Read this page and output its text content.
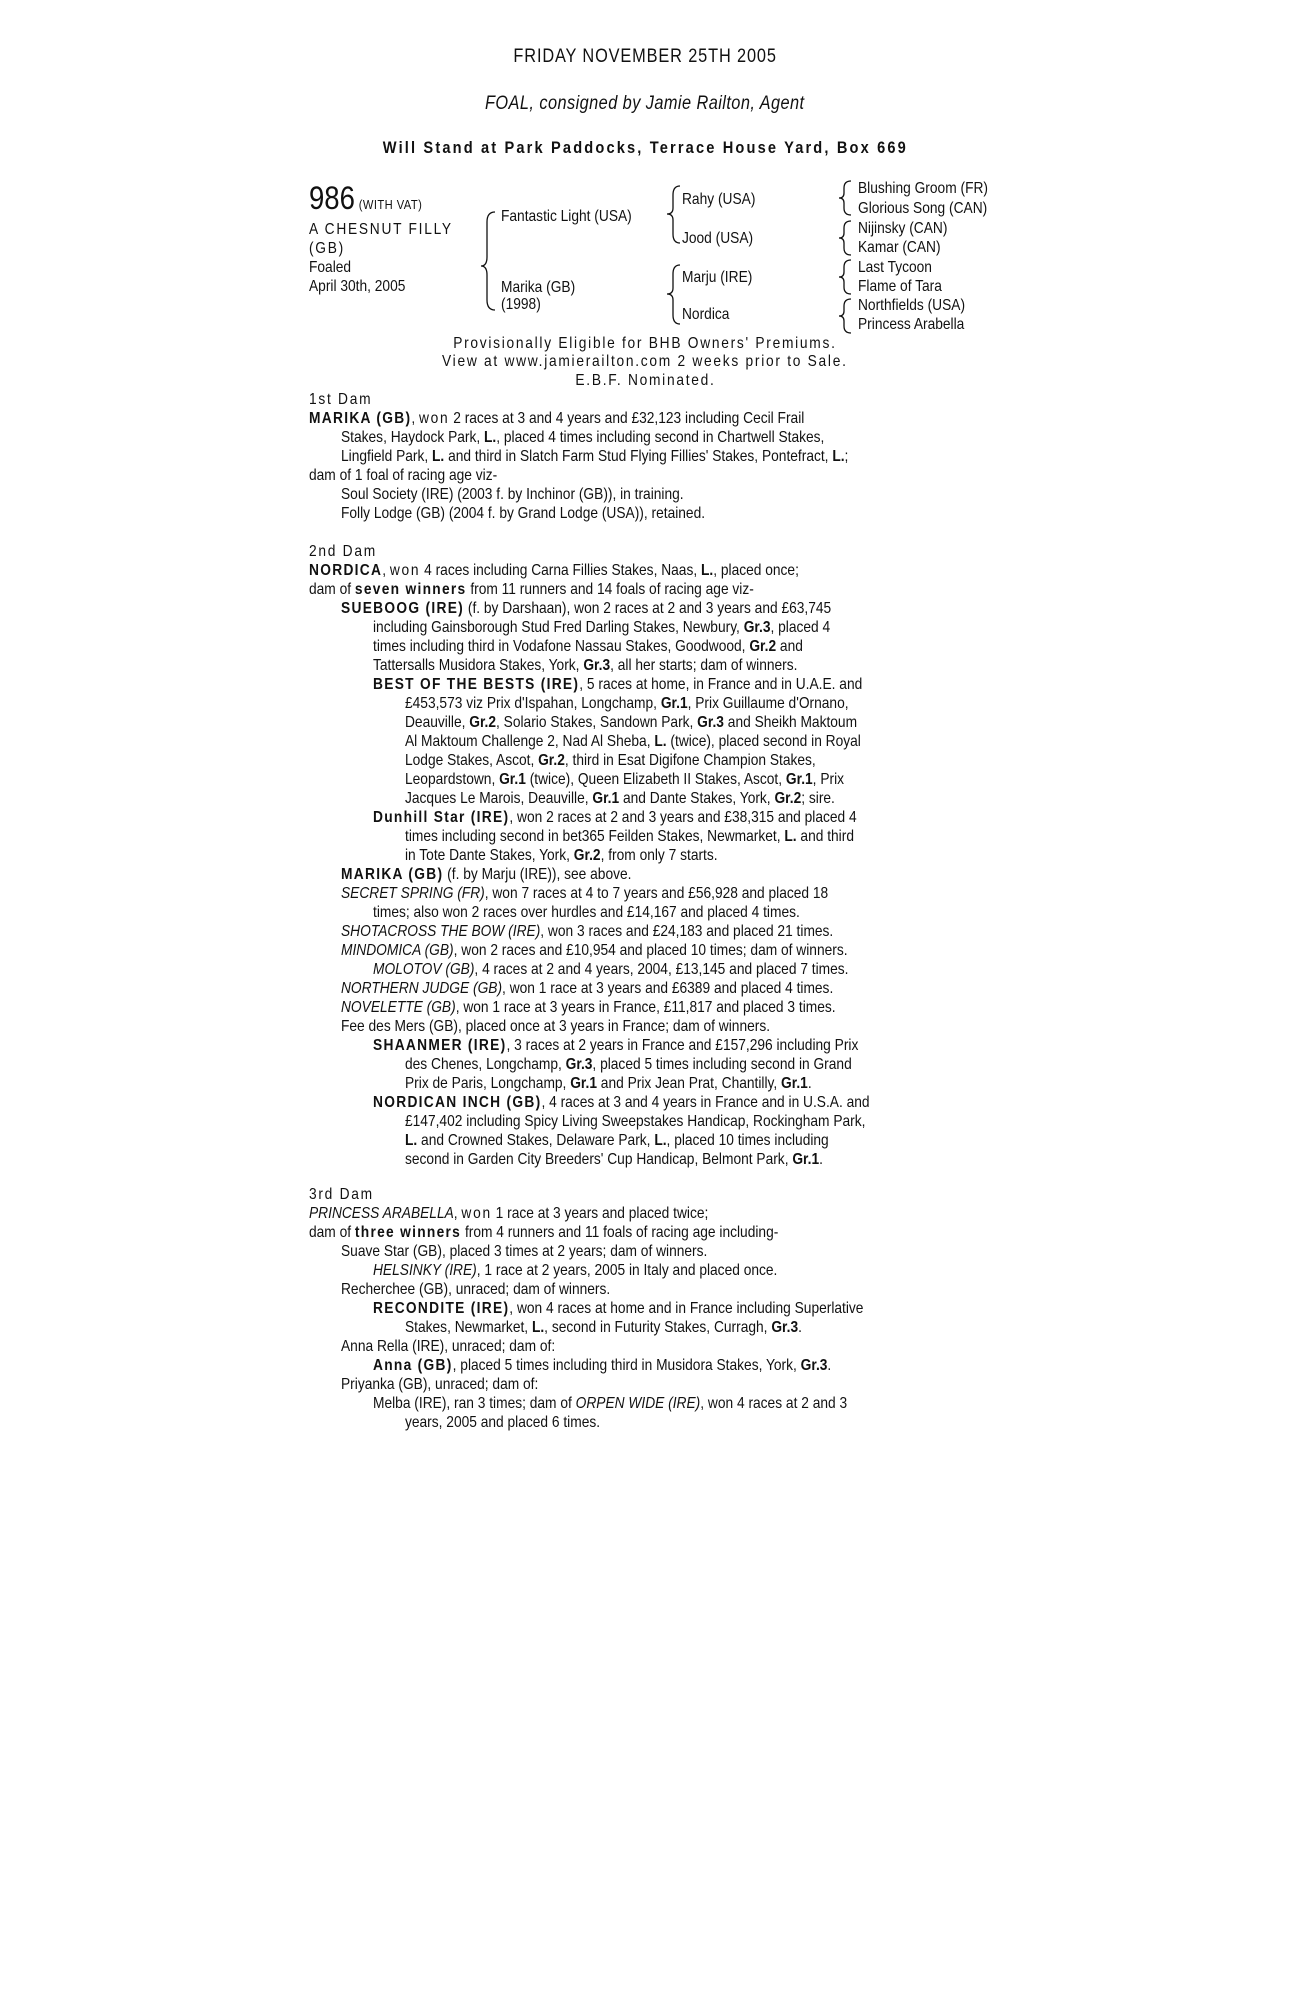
FRIDAY NOVEMBER 25TH 2005
FOAL, consigned by Jamie Railton, Agent
Will Stand at Park Paddocks, Terrace House Yard, Box 669
986 (WITH VAT)
A CHESNUT FILLY
(GB)
Foaled
April 30th, 2005
Fantastic Light (USA)
Marika (GB)
(1998)
Rahy (USA)
Jood (USA)
Marju (IRE)
Nordica
Blushing Groom (FR)
Glorious Song (CAN)
Nijinsky (CAN)
Kamar (CAN)
Last Tycoon
Flame of Tara
Northfields (USA)
Princess Arabella
Provisionally Eligible for BHB Owners' Premiums.
View at www.jamierailton.com 2 weeks prior to Sale.
E.B.F. Nominated.
1st Dam
MARIKA (GB), won 2 races at 3 and 4 years and £32,123 including Cecil Frail
Stakes, Haydock Park, L., placed 4 times including second in Chartwell Stakes,
Lingfield Park, L. and third in Slatch Farm Stud Flying Fillies' Stakes, Pontefract, L.;
dam of 1 foal of racing age viz-
Soul Society (IRE) (2003 f. by Inchinor (GB)), in training.
Folly Lodge (GB) (2004 f. by Grand Lodge (USA)), retained.
2nd Dam
NORDICA, won 4 races including Carna Fillies Stakes, Naas, L., placed once;
dam of seven winners from 11 runners and 14 foals of racing age viz-
SUEBOOG (IRE) (f. by Darshaan), won 2 races at 2 and 3 years and £63,745
including Gainsborough Stud Fred Darling Stakes, Newbury, Gr.3, placed 4
times including third in Vodafone Nassau Stakes, Goodwood, Gr.2 and
Tattersalls Musidora Stakes, York, Gr.3, all her starts; dam of winners.
BEST OF THE BESTS (IRE), 5 races at home, in France and in U.A.E. and
£453,573 viz Prix d'Ispahan, Longchamp, Gr.1, Prix Guillaume d'Ornano,
Deauville, Gr.2, Solario Stakes, Sandown Park, Gr.3 and Sheikh Maktoum
Al Maktoum Challenge 2, Nad Al Sheba, L. (twice), placed second in Royal
Lodge Stakes, Ascot, Gr.2, third in Esat Digifone Champion Stakes,
Leopardstown, Gr.1 (twice), Queen Elizabeth II Stakes, Ascot, Gr.1, Prix
Jacques Le Marois, Deauville, Gr.1 and Dante Stakes, York, Gr.2; sire.
Dunhill Star (IRE), won 2 races at 2 and 3 years and £38,315 and placed 4
times including second in bet365 Feilden Stakes, Newmarket, L. and third
in Tote Dante Stakes, York, Gr.2, from only 7 starts.
MARIKA (GB) (f. by Marju (IRE)), see above.
SECRET SPRING (FR), won 7 races at 4 to 7 years and £56,928 and placed 18
times; also won 2 races over hurdles and £14,167 and placed 4 times.
SHOTACROSS THE BOW (IRE), won 3 races and £24,183 and placed 21 times.
MINDOMICA (GB), won 2 races and £10,954 and placed 10 times; dam of winners.
MOLOTOV (GB), 4 races at 2 and 4 years, 2004, £13,145 and placed 7 times.
NORTHERN JUDGE (GB), won 1 race at 3 years and £6389 and placed 4 times.
NOVELETTE (GB), won 1 race at 3 years in France, £11,817 and placed 3 times.
Fee des Mers (GB), placed once at 3 years in France; dam of winners.
SHAANMER (IRE), 3 races at 2 years in France and £157,296 including Prix
des Chenes, Longchamp, Gr.3, placed 5 times including second in Grand
Prix de Paris, Longchamp, Gr.1 and Prix Jean Prat, Chantilly, Gr.1.
NORDICAN INCH (GB), 4 races at 3 and 4 years in France and in U.S.A. and
£147,402 including Spicy Living Sweepstakes Handicap, Rockingham Park,
L. and Crowned Stakes, Delaware Park, L., placed 10 times including
second in Garden City Breeders' Cup Handicap, Belmont Park, Gr.1.
3rd Dam
PRINCESS ARABELLA, won 1 race at 3 years and placed twice;
dam of three winners from 4 runners and 11 foals of racing age including-
Suave Star (GB), placed 3 times at 2 years; dam of winners.
HELSINKY (IRE), 1 race at 2 years, 2005 in Italy and placed once.
Recherchee (GB), unraced; dam of winners.
RECONDITE (IRE), won 4 races at home and in France including Superlative
Stakes, Newmarket, L., second in Futurity Stakes, Curragh, Gr.3.
Anna Rella (IRE), unraced; dam of:
Anna (GB), placed 5 times including third in Musidora Stakes, York, Gr.3.
Priyanka (GB), unraced; dam of:
Melba (IRE), ran 3 times; dam of ORPEN WIDE (IRE), won 4 races at 2 and 3
years, 2005 and placed 6 times.
